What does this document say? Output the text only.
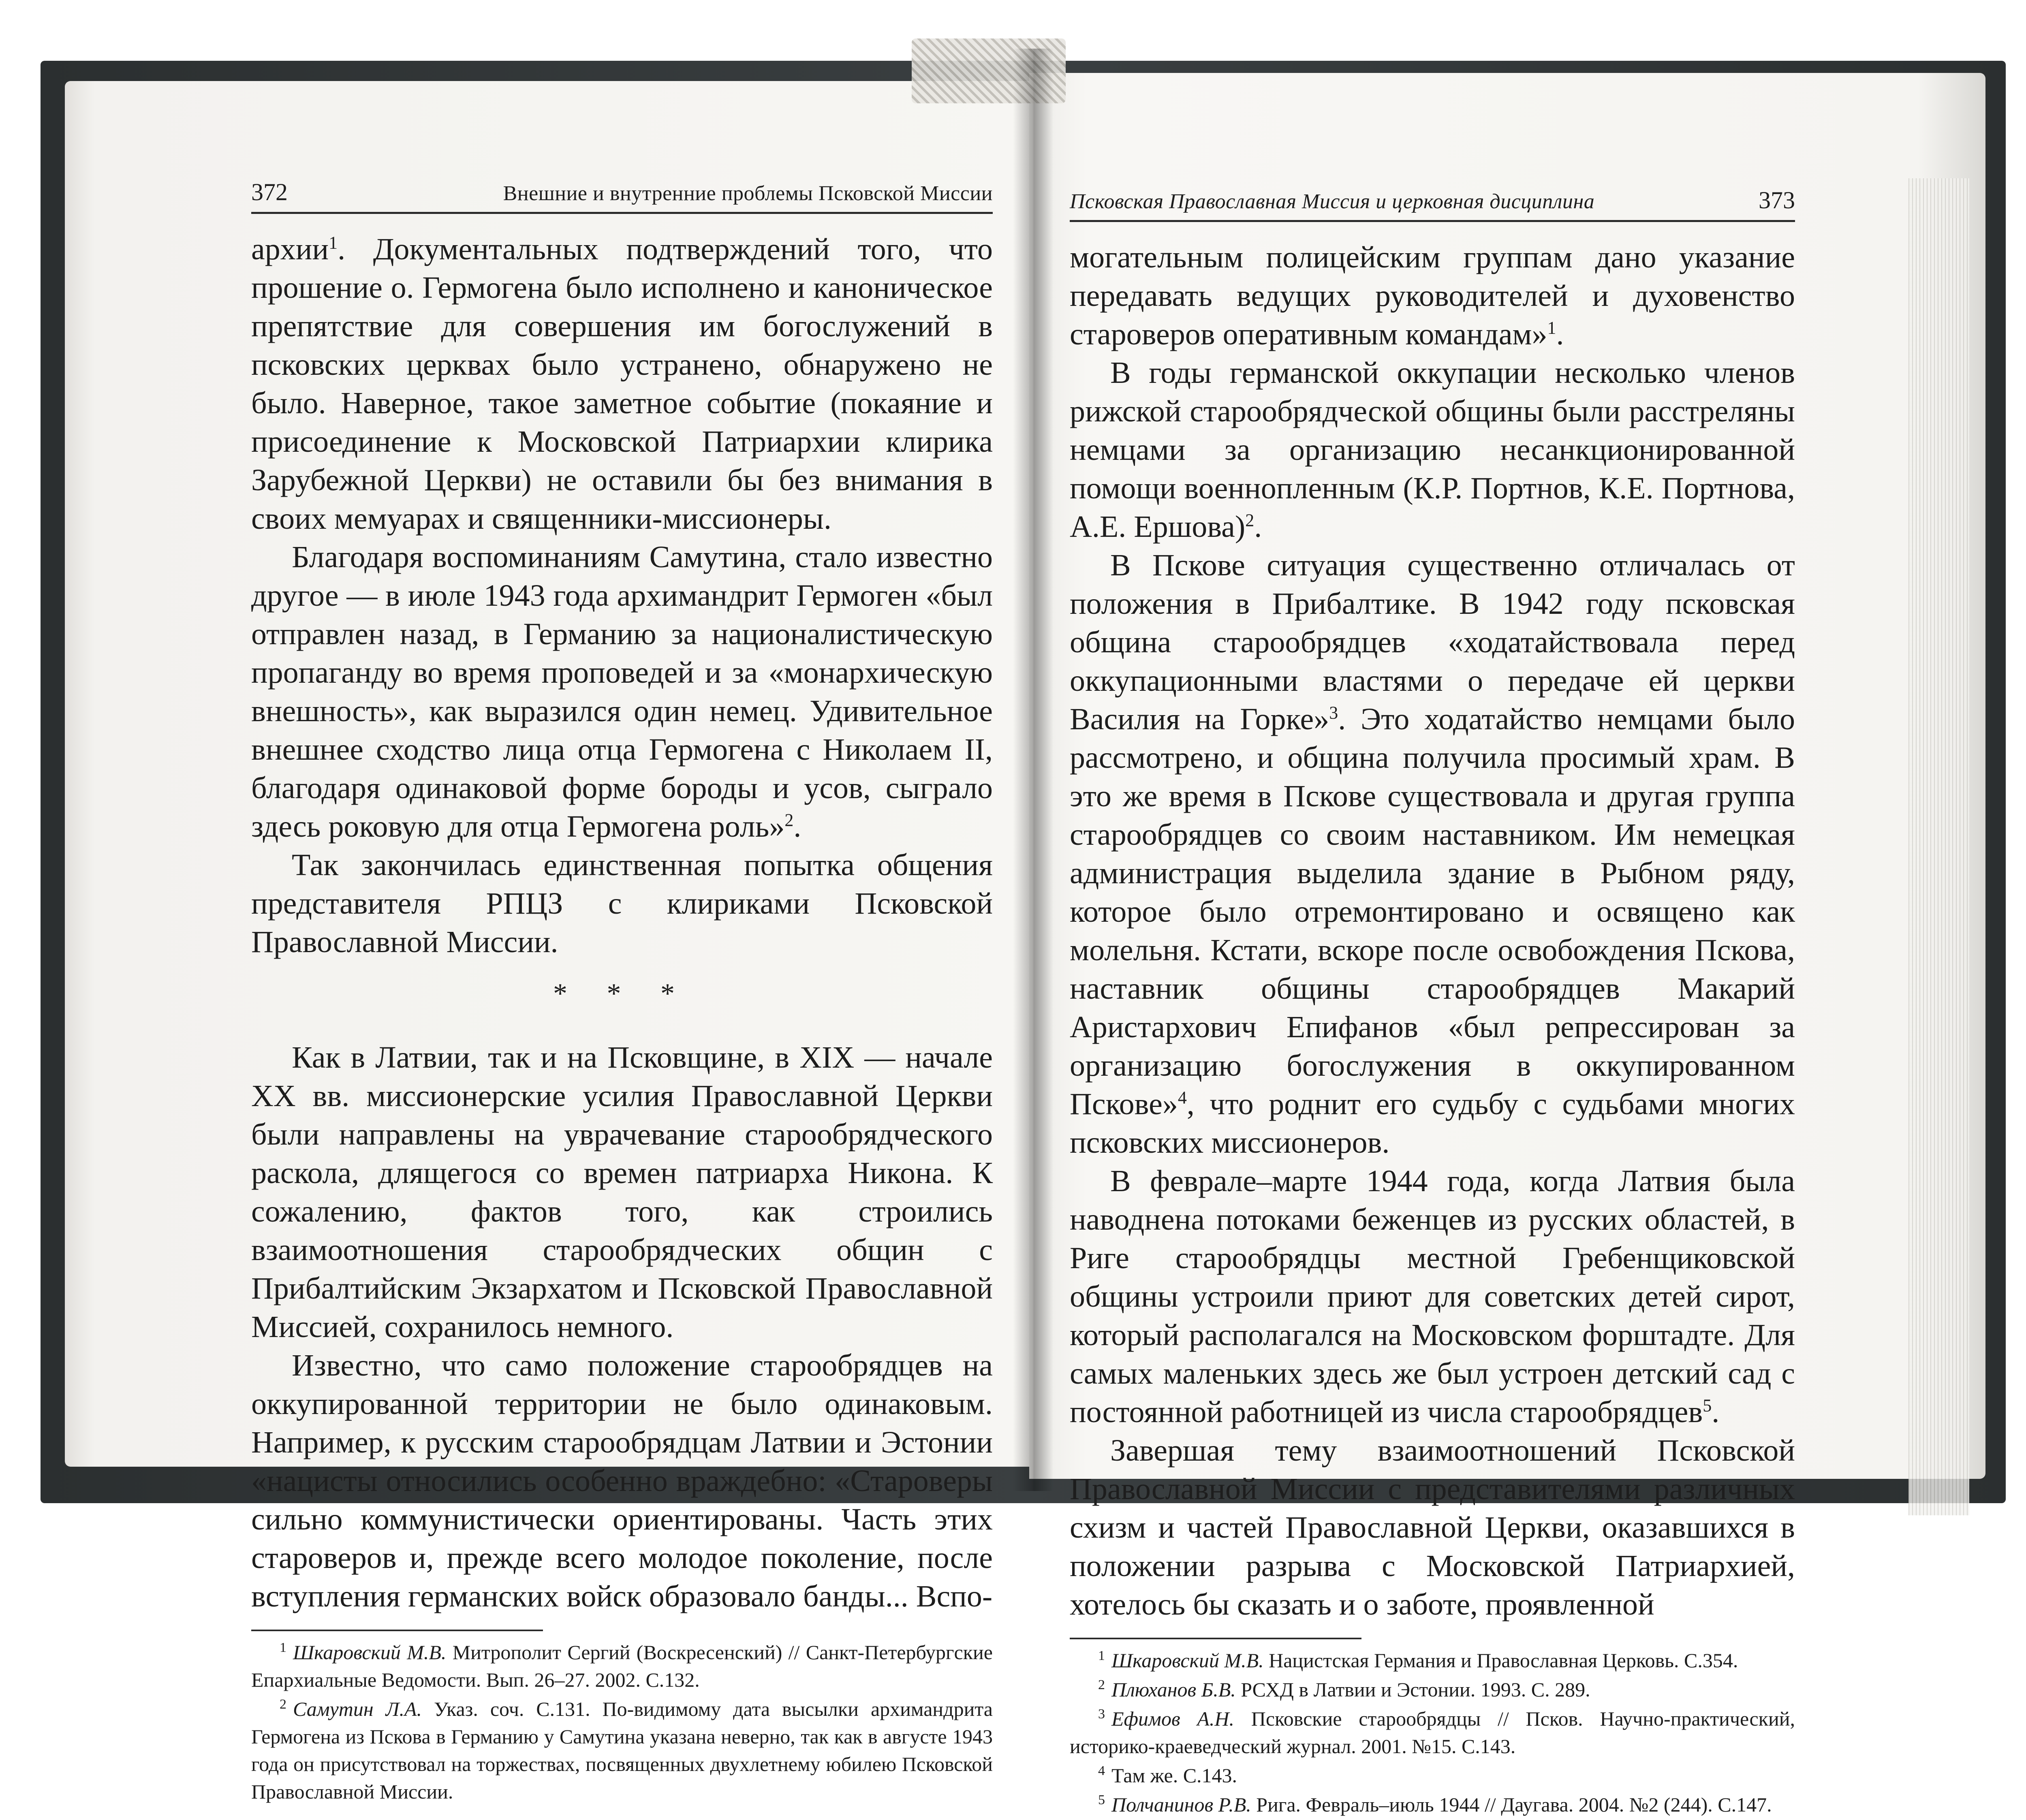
372	Внешние и внутренние проблемы Псковской Миссии

архии$^1$. Документальных подтверждений того, что прошение о. Гермогена было исполнено и каноническое препятствие для совершения им богослужений в псковских церквах было устранено, обнаружено не было. Наверное, такое заметное событие (покаяние и присоединение к Московской Патриархии клирика Зарубежной Церкви) не оставили бы без внимания в своих мемуарах и священники-миссионеры.

Благодаря воспоминаниям Самутина, стало известно другое — в июле 1943 года архимандрит Гермоген «был отправлен назад, в Германию за националистическую пропаганду во время проповедей и за «монархическую внешность», как выразился один немец. Удивительное внешнее сходство лица отца Гермогена с Николаем II, благодаря одинаковой форме бороды и усов, сыграло здесь роковую для отца Гермогена роль»$^2$.

Так закончилась единственная попытка общения представителя РПЦЗ с клириками Псковской Православной Миссии.

* * *

Как в Латвии, так и на Псковщине, в XIX — начале XX вв. миссионерские усилия Православной Церкви были направлены на уврачевание старообрядческого раскола, длящегося со времен патриарха Никона. К сожалению, фактов того, как строились взаимоотношения старообрядческих общин с Прибалтийским Экзархатом и Псковской Православной Миссией, сохранилось немного.

Известно, что само положение старообрядцев на оккупированной территории не было одинаковым. Например, к русским старообрядцам Латвии и Эстонии «нацисты относились особенно враждебно: «Староверы сильно коммунистически ориентированы. Часть этих староверов и, прежде всего молодое поколение, после вступления германских войск образовало банды... Вспо-

$^1$ Шкаровский М.В. Митрополит Сергий (Воскресенский) // Санкт-Петербургские Епархиальные Ведомости. Вып. 26–27. 2002. С.132.

$^2$ Самутин Л.А. Указ. соч. С.131. По-видимому дата высылки архимандрита Гермогена из Пскова в Германию у Самутина указана неверно, так как в августе 1943 года он присутствовал на торжествах, посвященных двухлетнему юбилею Псковской Православной Миссии.

Псковская Православная Миссия и церковная дисциплина	373

могательным полицейским группам дано указание передавать ведущих руководителей и духовенство староверов оперативным командам»$^1$.

В годы германской оккупации несколько членов рижской старообрядческой общины были расстреляны немцами за организацию несанкционированной помощи военнопленным (К.Р. Портнов, К.Е. Портнова, А.Е. Ершова)$^2$.

В Пскове ситуация существенно отличалась от положения в Прибалтике. В 1942 году псковская община старообрядцев «ходатайствовала перед оккупационными властями о передаче ей церкви Василия на Горке»$^3$. Это ходатайство немцами было рассмотрено, и община получила просимый храм. В это же время в Пскове существовала и другая группа старообрядцев со своим наставником. Им немецкая администрация выделила здание в Рыбном ряду, которое было отремонтировано и освящено как молельня. Кстати, вскоре после освобождения Пскова, наставник общины старообрядцев Макарий Аристархович Епифанов «был репрессирован за организацию богослужения в оккупированном Пскове»$^4$, что роднит его судьбу с судьбами многих псковских миссионеров.

В феврале–марте 1944 года, когда Латвия была наводнена потоками беженцев из русских областей, в Риге старообрядцы местной Гребенщиковской общины устроили приют для советских детей сирот, который располагался на Московском форштадте. Для самых маленьких здесь же был устроен детский сад с постоянной работницей из числа старообрядцев$^5$.

Завершая тему взаимоотношений Псковской Православной Миссии с представителями различных схизм и частей Православной Церкви, оказавшихся в положении разрыва с Московской Патриархией, хотелось бы сказать и о заботе, проявленной

$^1$ Шкаровский М.В. Нацистская Германия и Православная Церковь. С.354.

$^2$ Плюханов Б.В. РСХД в Латвии и Эстонии. 1993. С. 289.

$^3$ Ефимов А.Н. Псковские старообрядцы // Псков. Научно-практический, историко-краеведческий журнал. 2001. №15. С.143.

$^4$ Там же. С.143.

$^5$ Полчанинов Р.В. Рига. Февраль–июль 1944 // Даугава. 2004. №2 (244). С.147.
